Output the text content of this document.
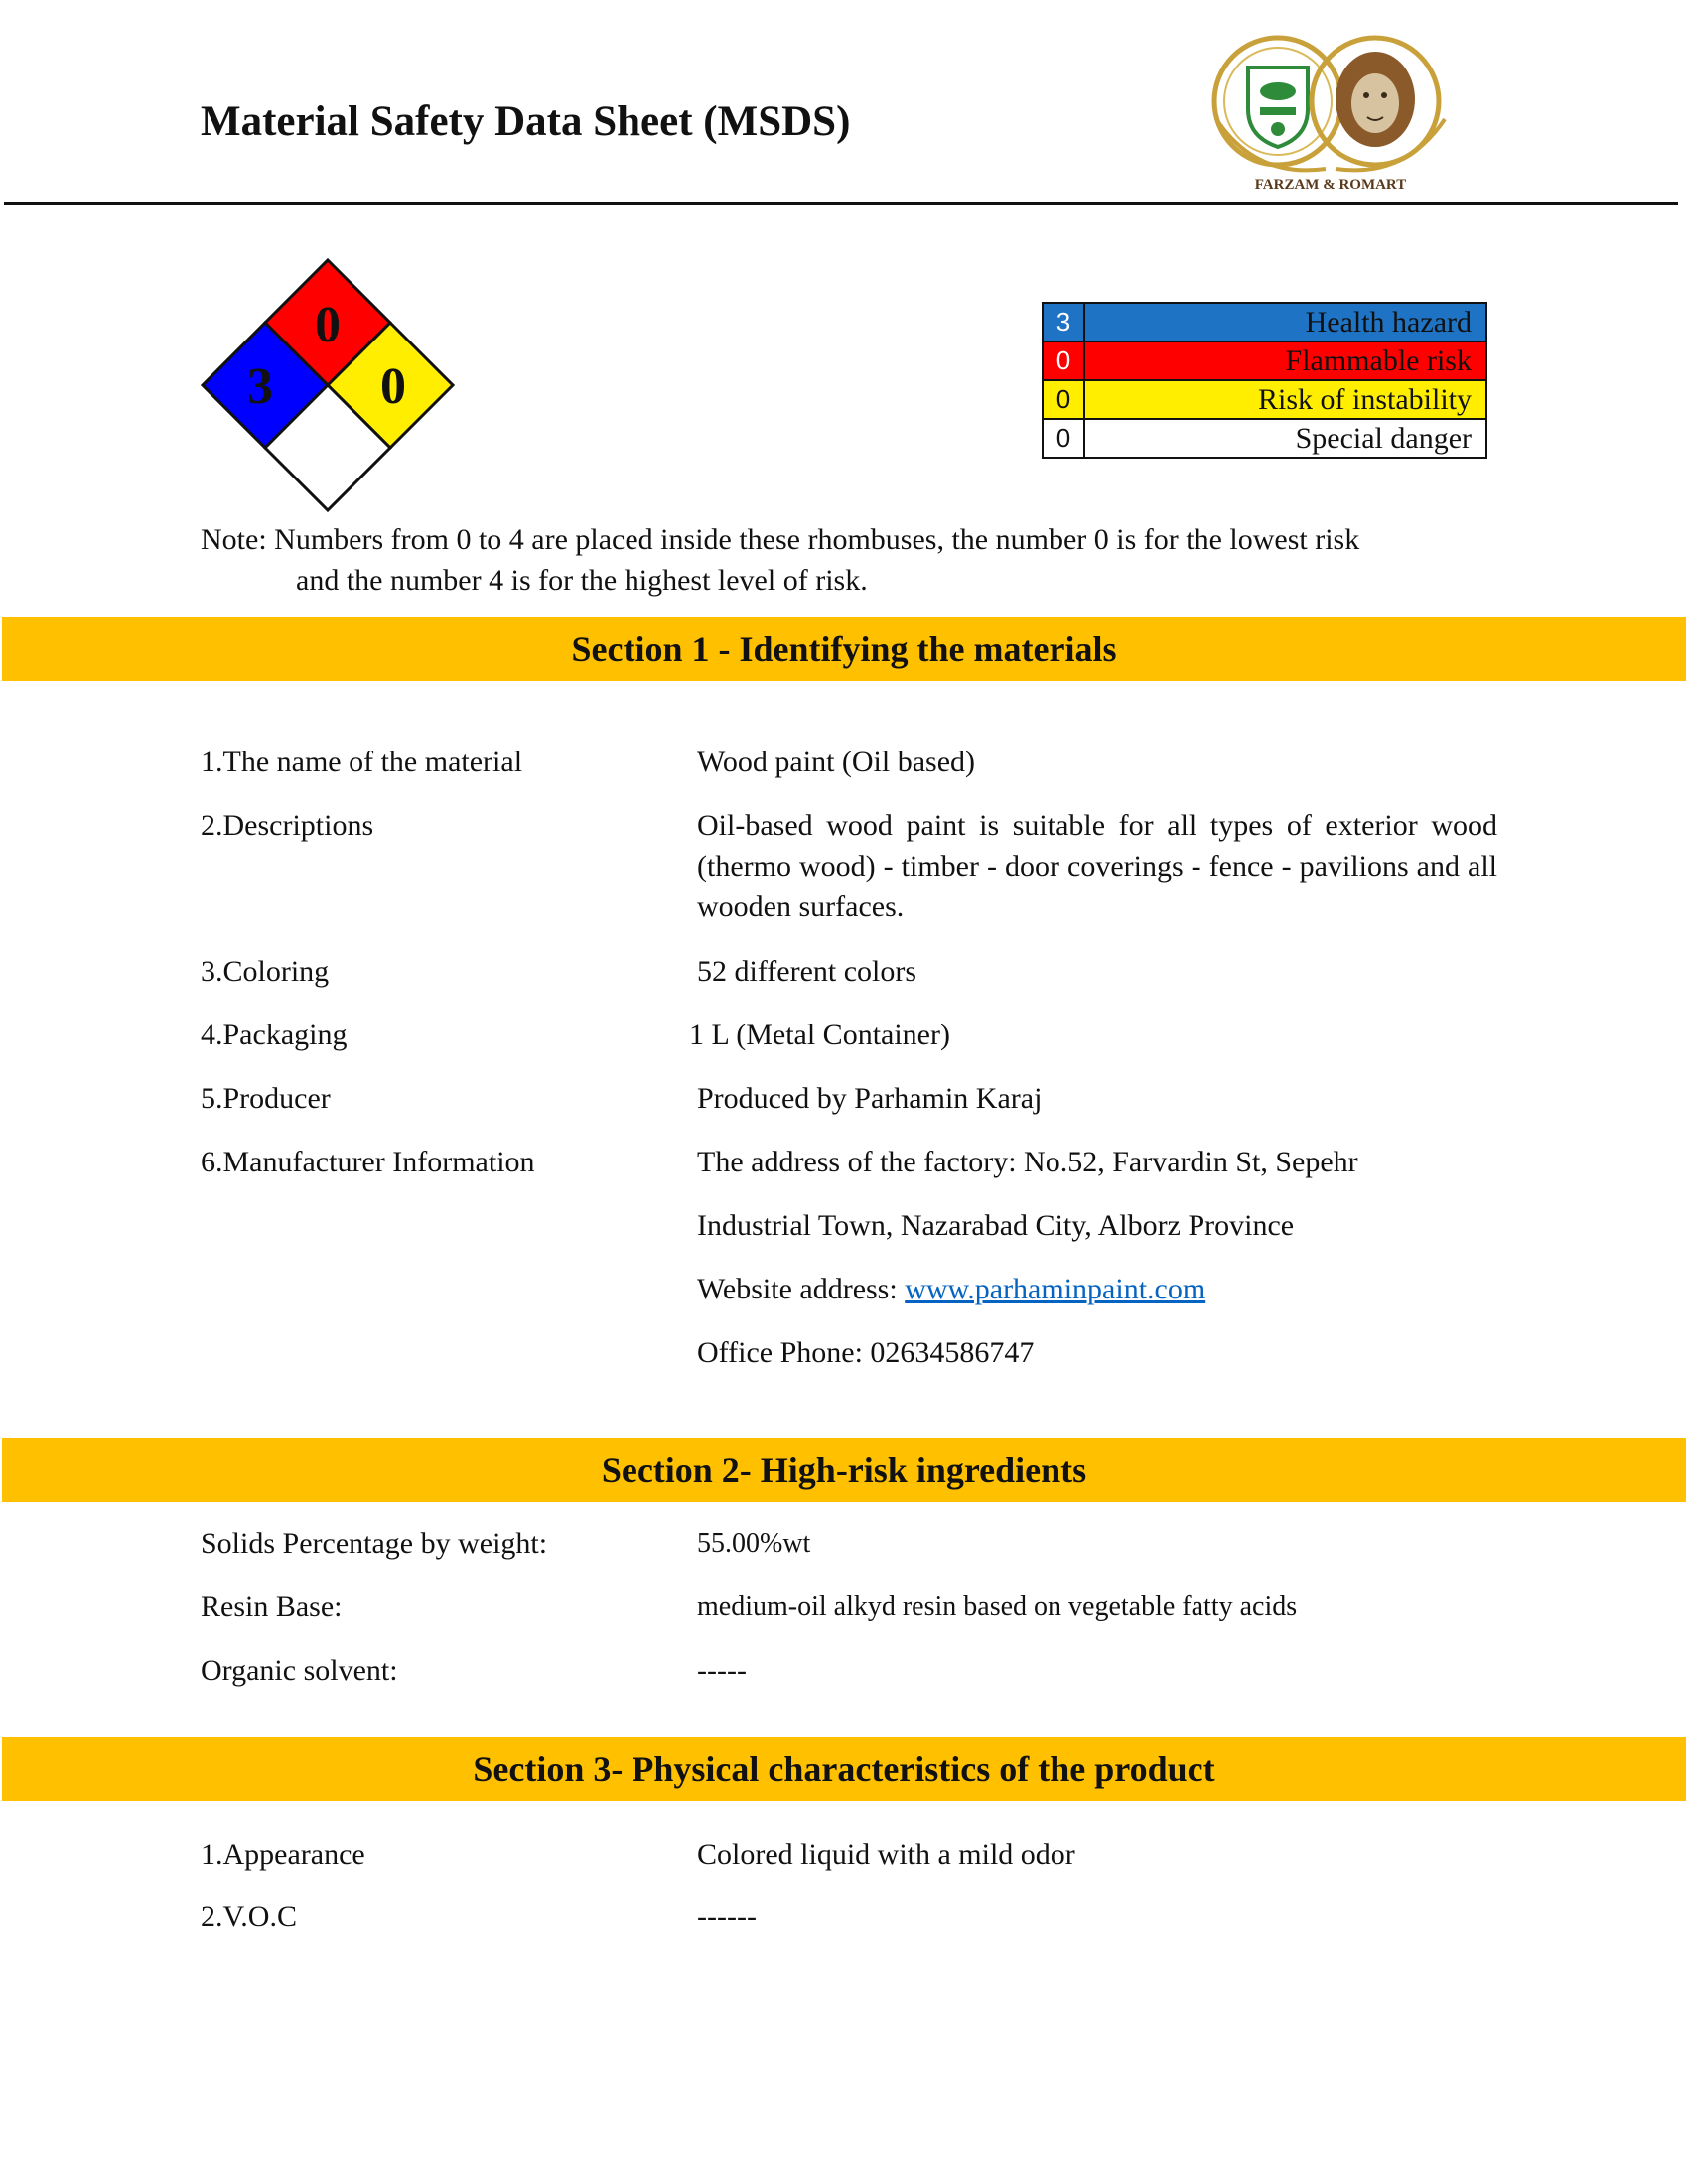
Material Safety Data Sheet (MSDS)
FARZAM & ROMART
0
3 0
3	Health hazard
0	Flammable risk
0	Risk of instability
0	Special danger
Note: Numbers from 0 to 4 are placed inside these rhombuses, the number 0 is for the lowest risk
and the number 4 is for the highest level of risk.
Section 1 - Identifying the materials
1.The name of the material	Wood paint (Oil based)
2.Descriptions	Oil-based wood paint is suitable for all types of exterior wood (thermo wood) - timber - door coverings - fence - pavilions and all wooden surfaces.
3.Coloring	52 different colors
4.Packaging	1 L (Metal Container)
5.Producer	Produced by Parhamin Karaj
6.Manufacturer Information	The address of the factory: No.52, Farvardin St, Sepehr
Industrial Town, Nazarabad City, Alborz Province
Website address: www.parhaminpaint.com
Office Phone: 02634586747
Section 2- High-risk ingredients
Solids Percentage by weight:	55.00%wt
Resin Base:	medium-oil alkyd resin based on vegetable fatty acids
Organic solvent:	-----
Section 3- Physical characteristics of the product
1.Appearance	Colored liquid with a mild odor
2.V.O.C	------
